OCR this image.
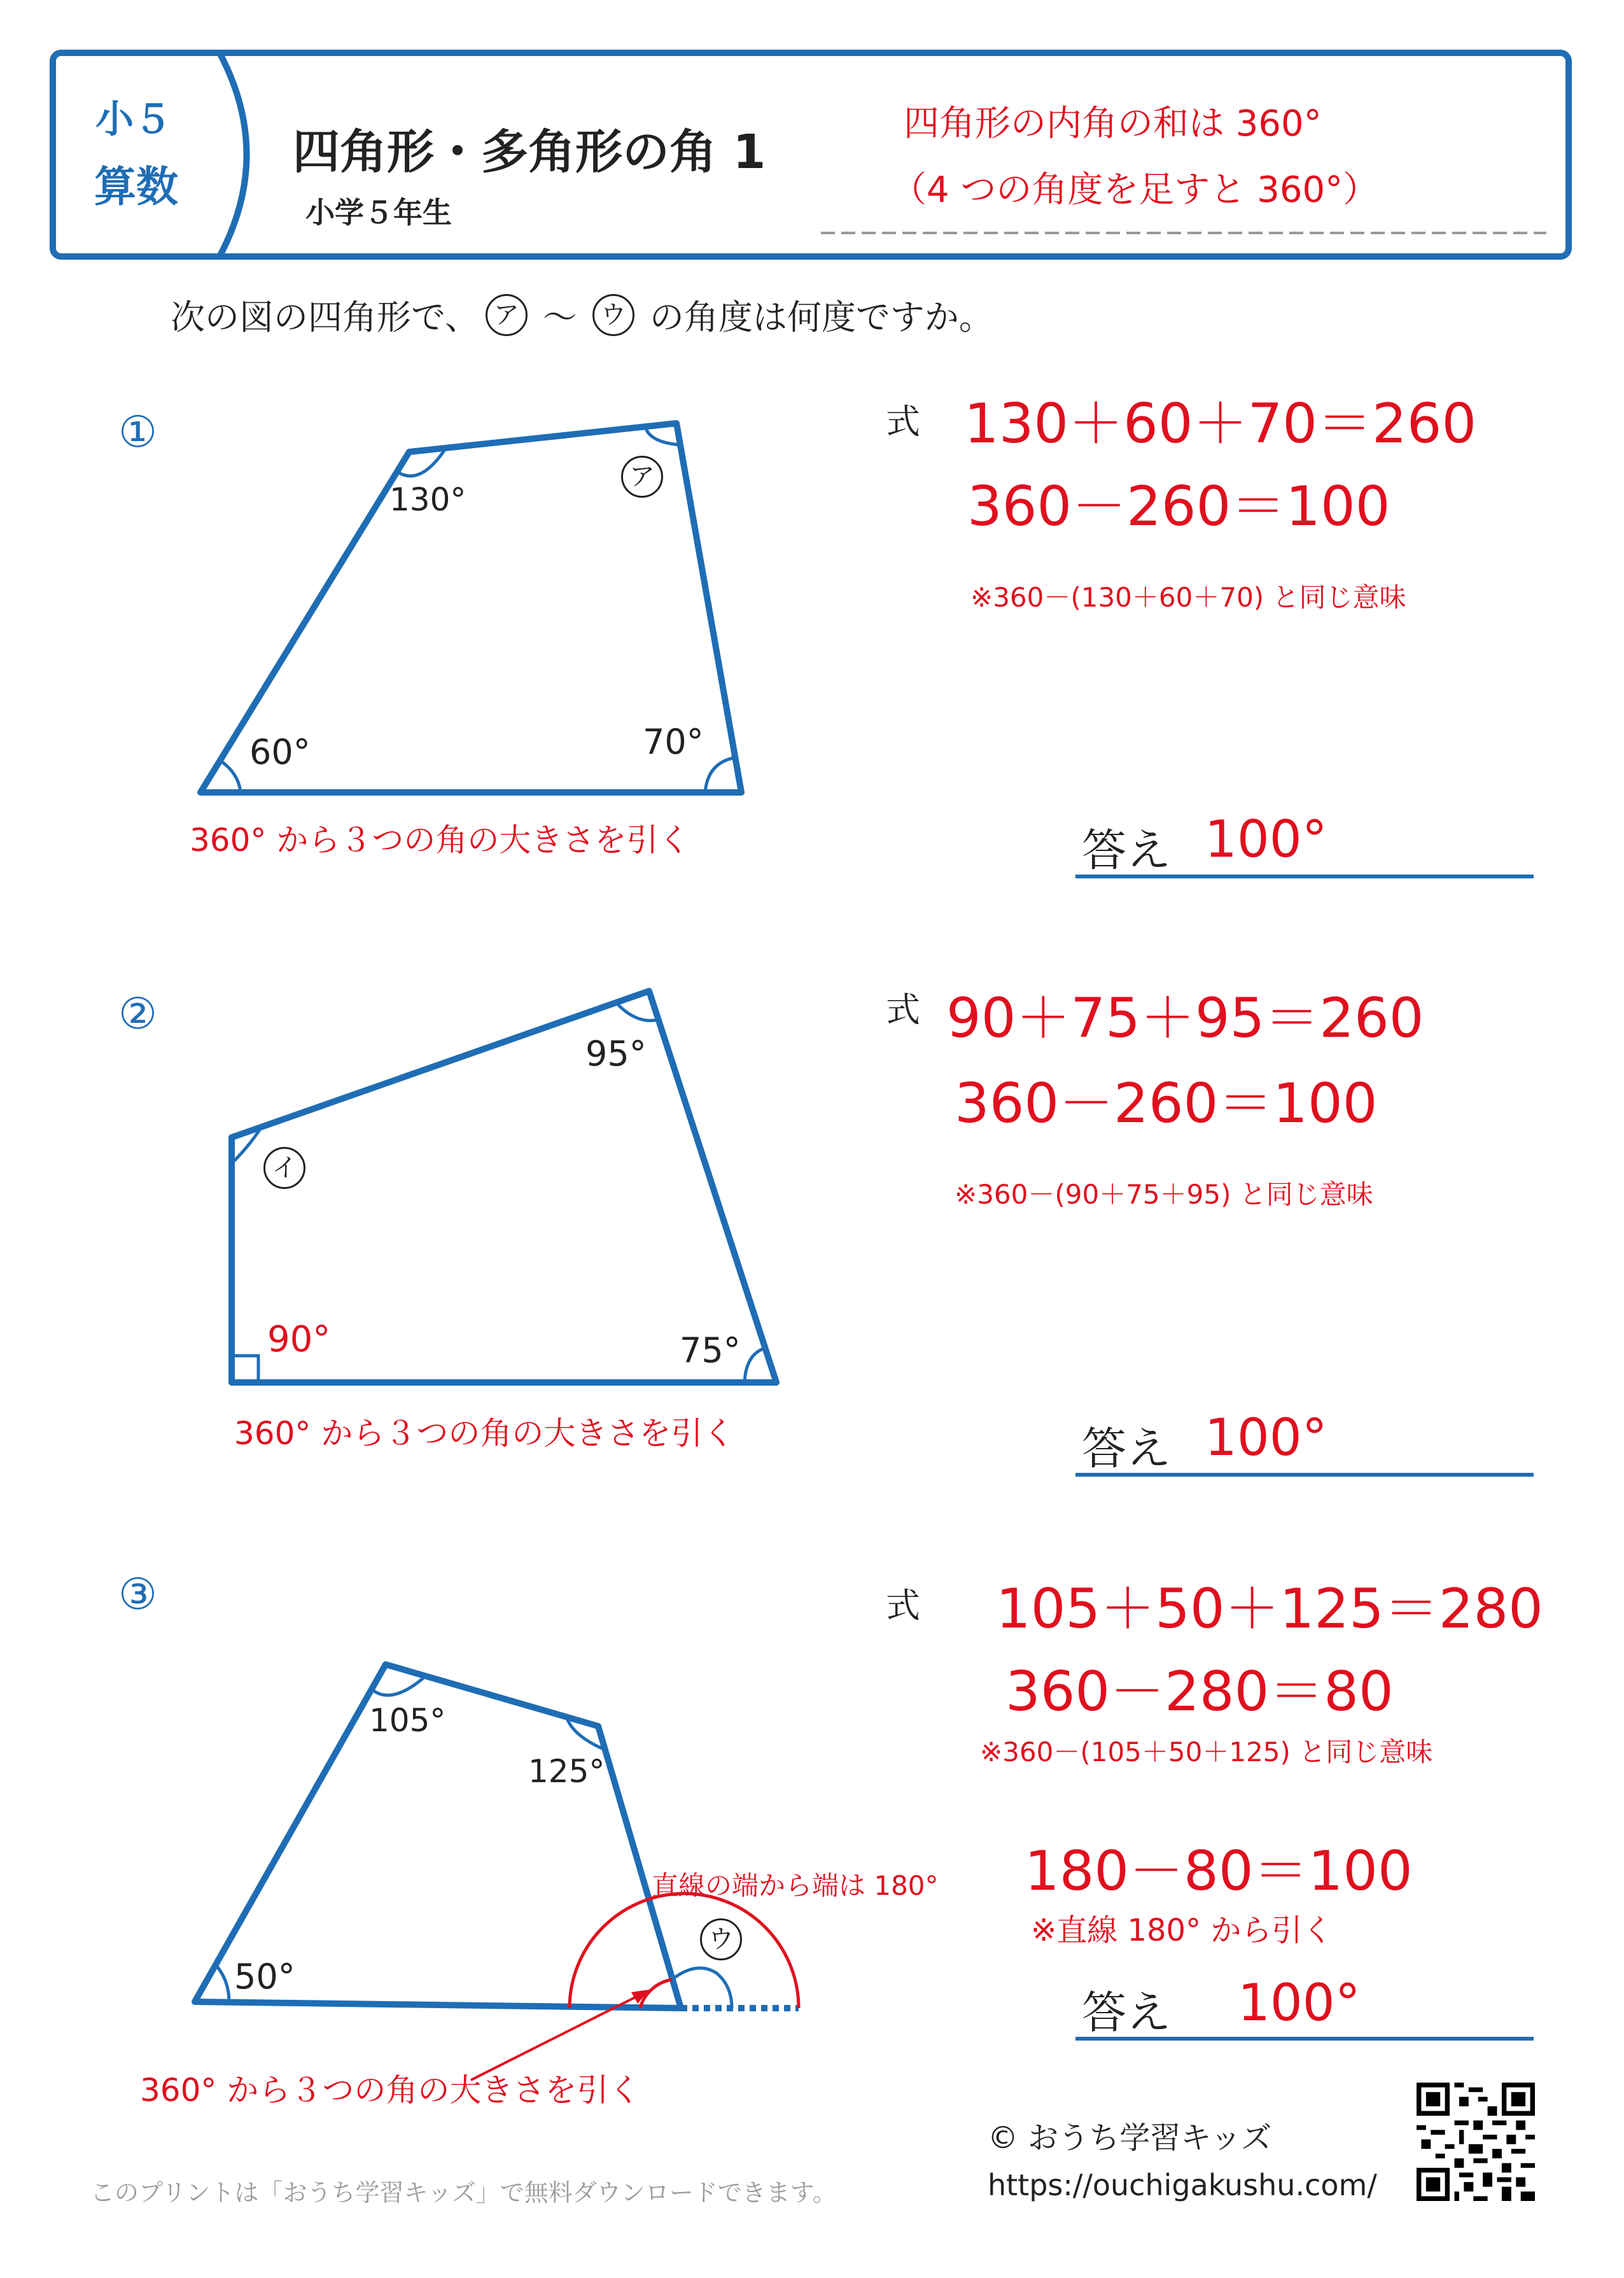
小５
算数
四角形・多角形の角 1
小学５年生
四角形の内角の和は 360°
（4 つの角度を足すと 360°）
次の図の四角形で、 ア ～ ウ の角度は何度ですか。
①
130°
ア
60°	70°
360° から３つの角の大きさを引く
式 130＋60＋70＝260
360－260＝100
※360－(130＋60＋70) と同じ意味
答え 100°
②
イ
95°
90°	75°
360° から３つの角の大きさを引く
式 90＋75＋95＝260
360－260＝100
※360－(90＋75＋95) と同じ意味
答え 100°
③
105°
125°
50°
ウ
直線の端から端は 180°
360° から３つの角の大きさを引く
式 105＋50＋125＝280
360－280＝80
※360－(105＋50＋125) と同じ意味
180－80＝100
※直線 180° から引く
答え 100°
© おうち学習キッズ
https://ouchigakushu.com/
このプリントは「おうち学習キッズ」で無料ダウンロードできます。
